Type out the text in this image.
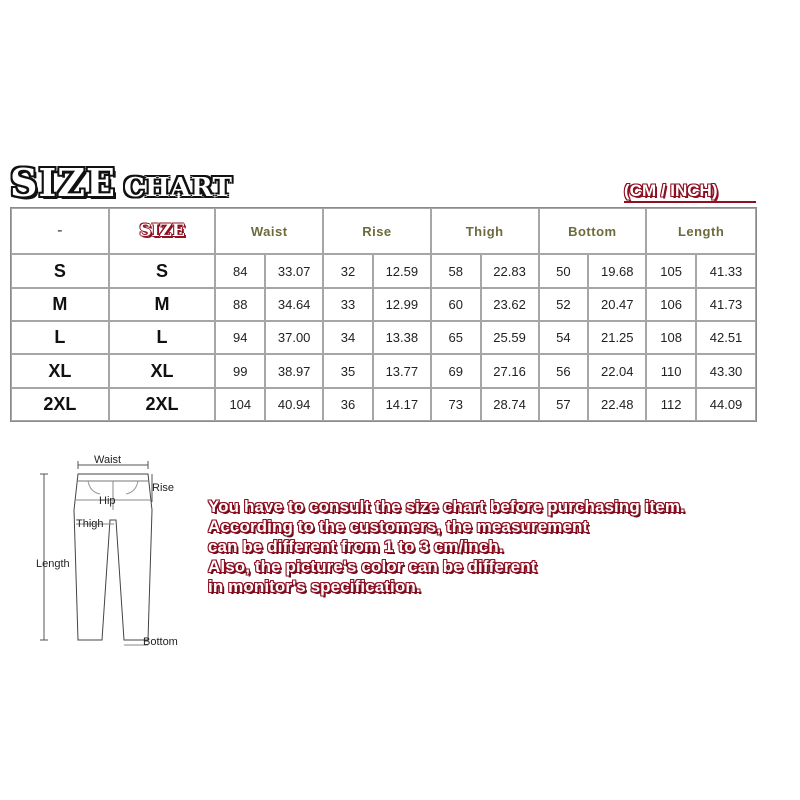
SIZE CHART	(CM / INCH)
-	SIZE	Waist		Rise		Thigh		Bottom		Length	
S	S	84	33.07	32	12.59	58	22.83	50	19.68	105	41.33
M	M	88	34.64	33	12.99	60	23.62	52	20.47	106	41.73
L	L	94	37.00	34	13.38	65	25.59	54	21.25	108	42.51
XL	XL	99	38.97	35	13.77	69	27.16	56	22.04	110	43.30
2XL	2XL	104	40.94	36	14.17	73	28.74	57	22.48	112	44.09
Waist
Rise
Hip
Thigh
Length
Bottom
You have to consult the size chart before purchasing item.
According to the customers, the measurement
can be different from 1 to 3 cm/inch.
Also, the picture's color can be different
in monitor's specification.
